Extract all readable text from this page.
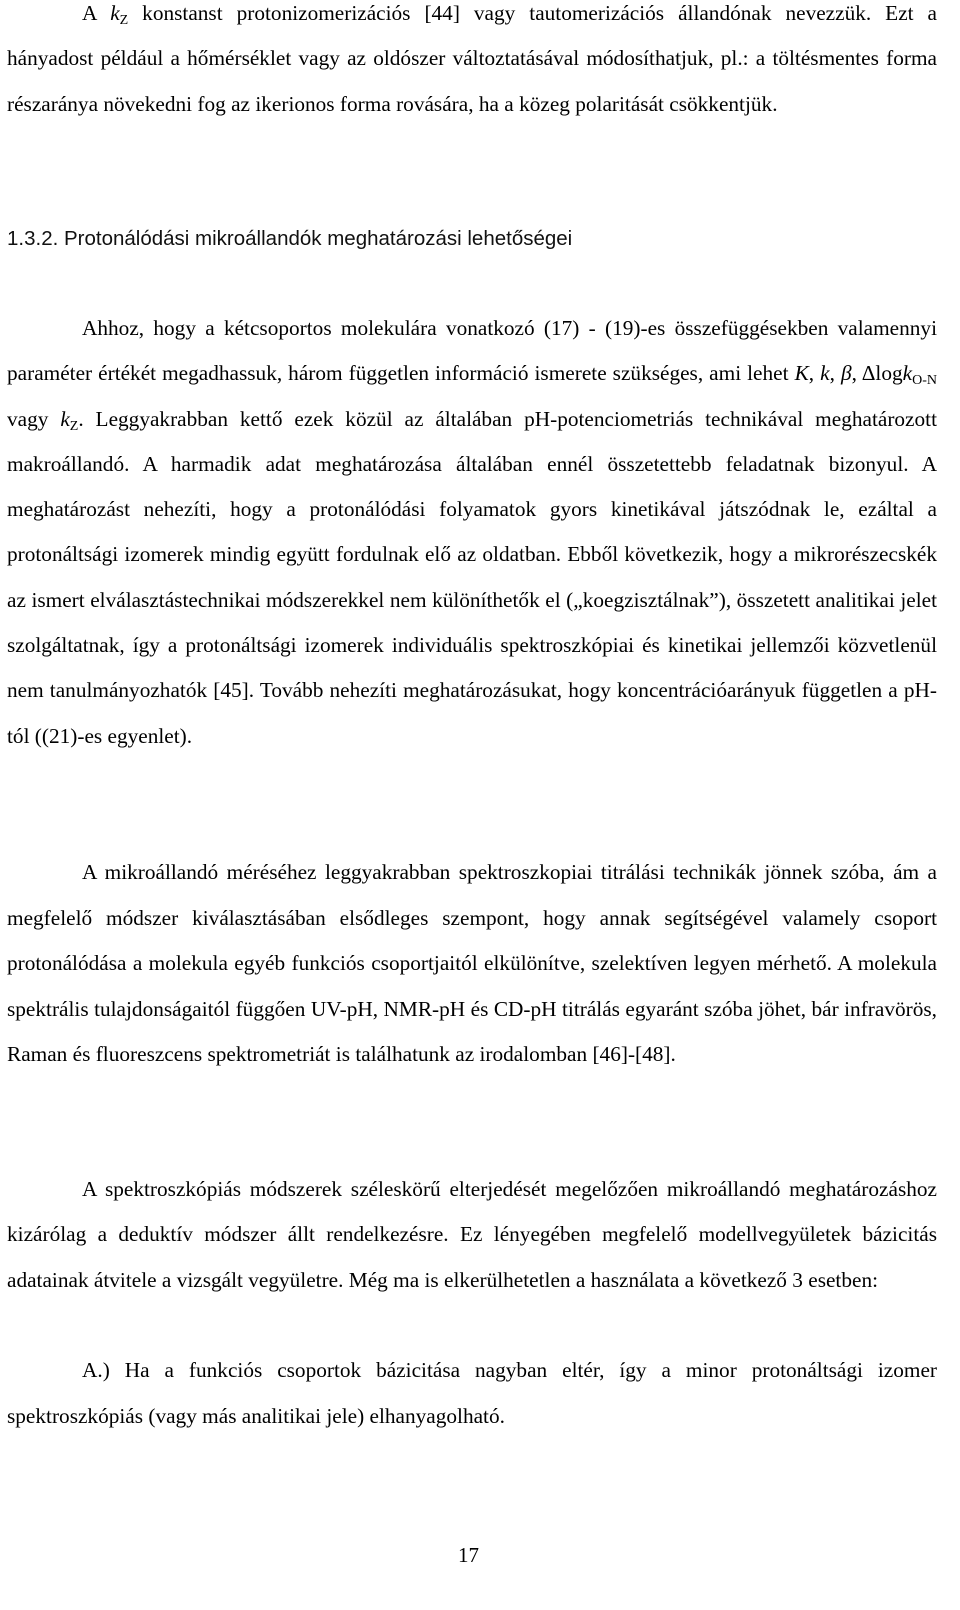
A $k_Z$ konstanst protonizomerizációs [44] vagy tautomerizációs állandónak nevezzük. Ezt a hányadost például a hőmérséklet vagy az oldószer változtatásával módosíthatjuk, pl.: a töltésmentes forma részaránya növekedni fog az ikerionos forma rovására, ha a közeg polaritását csökkentjük.

1.3.2. Protonálódási mikroállandók meghatározási lehetőségei

Ahhoz, hogy a kétcsoportos molekulára vonatkozó (17) - (19)-es összefüggésekben valamennyi paraméter értékét megadhassuk, három független információ ismerete szükséges, ami lehet K, k, β, Δlogk$_{O-N}$ vagy $k_Z$. Leggyakrabban kettő ezek közül az általában pH-potenciometriás technikával meghatározott makroállandó. A harmadik adat meghatározása általában ennél összetettebb feladatnak bizonyul. A meghatározást nehezíti, hogy a protonálódási folyamatok gyors kinetikával játszódnak le, ezáltal a protonáltsági izomerek mindig együtt fordulnak elő az oldatban. Ebből következik, hogy a mikrorészecskék az ismert elválasztástechnikai módszerekkel nem különíthetők el („koegzisztálnak”), összetett analitikai jelet szolgáltatnak, így a protonáltsági izomerek individuális spektroszkópiai és kinetikai jellemzői közvetlenül nem tanulmányozhatók [45]. Tovább nehezíti meghatározásukat, hogy koncentrációarányuk független a pH-tól ((21)-es egyenlet).

A mikroállandó méréséhez leggyakrabban spektroszkopiai titrálási technikák jönnek szóba, ám a megfelelő módszer kiválasztásában elsődleges szempont, hogy annak segítségével valamely csoport protonálódása a molekula egyéb funkciós csoportjaitól elkülönítve, szelektíven legyen mérhető. A molekula spektrális tulajdonságaitól függően UV-pH, NMR-pH és CD-pH titrálás egyaránt szóba jöhet, bár infravörös, Raman és fluoreszcens spektrometriát is találhatunk az irodalomban [46]-[48].

A spektroszkópiás módszerek széleskörű elterjedését megelőzően mikroállandó meghatározáshoz kizárólag a deduktív módszer állt rendelkezésre. Ez lényegében megfelelő modellvegyületek bázicitás adatainak átvitele a vizsgált vegyületre. Még ma is elkerülhetetlen a használata a következő 3 esetben:

A.) Ha a funkciós csoportok bázicitása nagyban eltér, így a minor protonáltsági izomer spektroszkópiás (vagy más analitikai jele) elhanyagolható.

17
